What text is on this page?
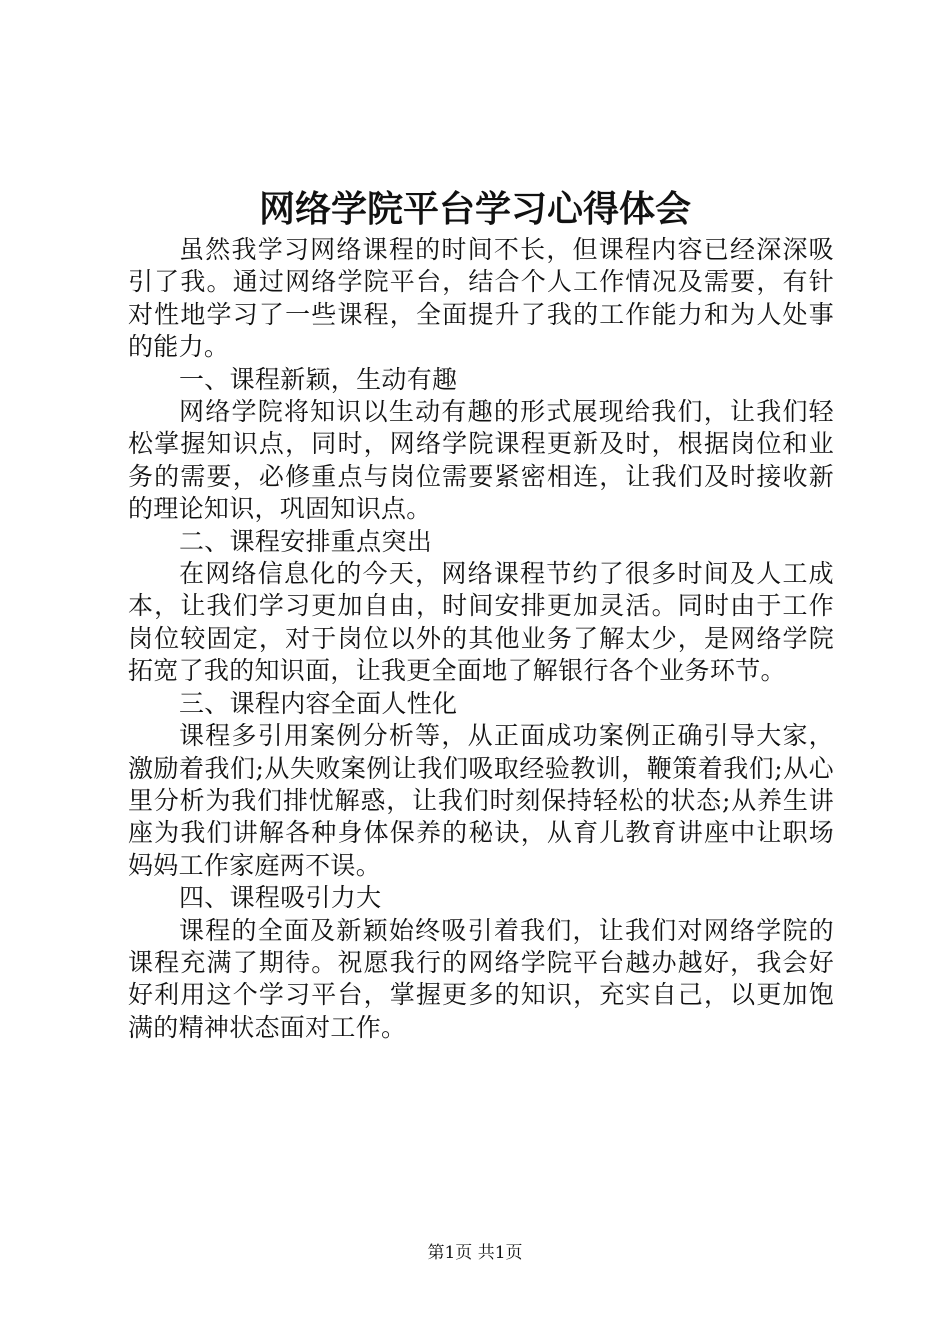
网络学院平台学习心得体会

虽然我学习网络课程的时间不长，但课程内容已经深深吸引了我。通过网络学院平台，结合个人工作情况及需要，有针对性地学习了一些课程，全面提升了我的工作能力和为人处事的能力。

一、课程新颖，生动有趣

网络学院将知识以生动有趣的形式展现给我们，让我们轻松掌握知识点，同时，网络学院课程更新及时，根据岗位和业务的需要，必修重点与岗位需要紧密相连，让我们及时接收新的理论知识，巩固知识点。

二、课程安排重点突出

在网络信息化的今天，网络课程节约了很多时间及人工成本，让我们学习更加自由，时间安排更加灵活。同时由于工作岗位较固定，对于岗位以外的其他业务了解太少，是网络学院拓宽了我的知识面，让我更全面地了解银行各个业务环节。

三、课程内容全面人性化

课程多引用案例分析等，从正面成功案例正确引导大家，激励着我们;从失败案例让我们吸取经验教训，鞭策着我们;从心里分析为我们排忧解惑，让我们时刻保持轻松的状态;从养生讲座为我们讲解各种身体保养的秘诀，从育儿教育讲座中让职场妈妈工作家庭两不误。

四、课程吸引力大

课程的全面及新颖始终吸引着我们，让我们对网络学院的课程充满了期待。祝愿我行的网络学院平台越办越好，我会好好利用这个学习平台，掌握更多的知识，充实自己，以更加饱满的精神状态面对工作。

第1页 共1页
